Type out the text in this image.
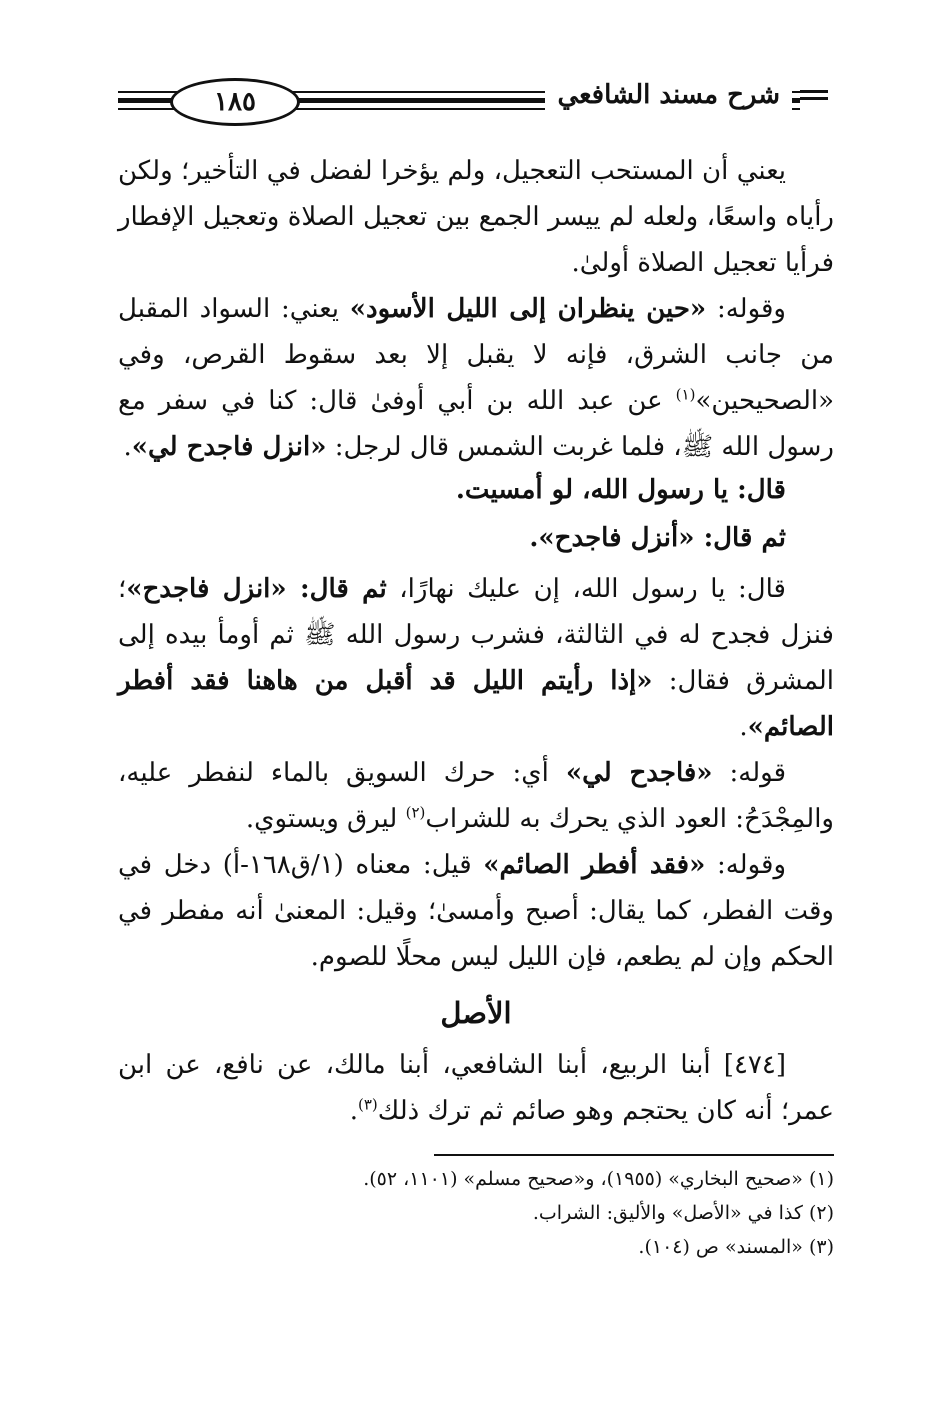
١٨٥	شرح مسند الشافعي

يعني أن المستحب التعجيل، ولم يؤخرا لفضل في التأخير؛ ولكن رأياه واسعًا، ولعله لم ييسر الجمع بين تعجيل الصلاة وتعجيل الإفطار فرأيا تعجيل الصلاة أولىٰ.

وقوله: «حين ينظران إلى الليل الأسود» يعني: السواد المقبل من جانب الشرق، فإنه لا يقبل إلا بعد سقوط القرص، وفي «الصحيحين»$^{(١)}$ عن عبد الله بن أبي أوفىٰ قال: كنا في سفر مع رسول الله ﷺ، فلما غربت الشمس قال لرجل: «انزل فاجدح لي».

قال: يا رسول الله، لو أمسيت.

ثم قال: «أنزل فاجدح».

قال: يا رسول الله، إن عليك نهارًا، ثم قال: «انزل فاجدح»؛ فنزل فجدح له في الثالثة، فشرب رسول الله ﷺ ثم أومأ بيده إلى المشرق فقال: «إذا رأيتم الليل قد أقبل من هاهنا فقد أفطر الصائم».

قوله: «فاجدح لي» أي: حرك السويق بالماء لنفطر عليه، والمِجْدَحُ: العود الذي يحرك به للشراب$^{(٢)}$ ليرق ويستوي.

وقوله: «فقد أفطر الصائم» قيل: معناه (١/ق١٦٨-أ) دخل في وقت الفطر، كما يقال: أصبح وأمسىٰ؛ وقيل: المعنىٰ أنه مفطر في الحكم وإن لم يطعم، فإن الليل ليس محلًا للصوم.

الأصل

[٤٧٤] أبنا الربيع، أبنا الشافعي، أبنا مالك، عن نافع، عن ابن عمر؛ أنه كان يحتجم وهو صائم ثم ترك ذلك$^{(٣)}$.

(١) «صحيح البخاري» (١٩٥٥)، و«صحيح مسلم» (١١٠١، ٥٢).

(٢) كذا في «الأصل» والأليق: الشراب.

(٣) «المسند» ص (١٠٤).
